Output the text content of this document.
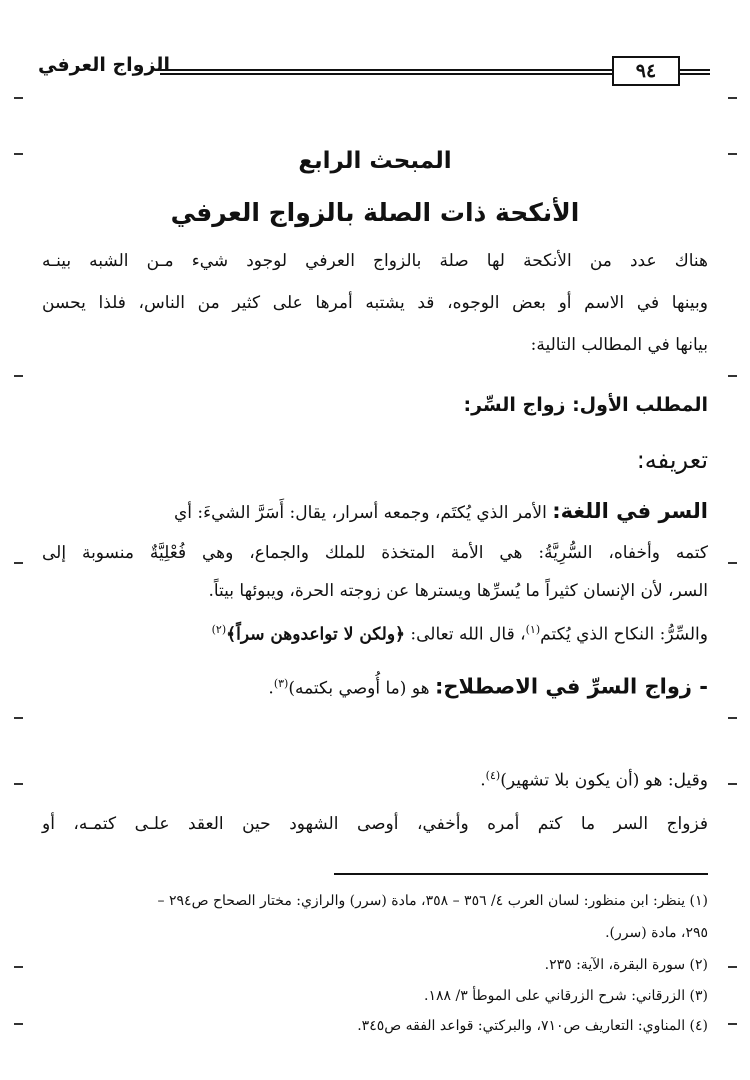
الزواج العرفي	٩٤
المبحث الرابع
الأنكحة ذات الصلة بالزواج العرفي
هناك عدد من الأنكحة لها صلة بالزواج العرفي لوجود شيء مـن الشبه بينـه
وبينها في الاسم أو بعض الوجوه، قد يشتبه أمرها على كثير من الناس، فلذا يحسن
بيانها في المطالب التالية:
المطلب الأول: زواج السِّر:
تعريفه:
السر في اللغة: الأمر الذي يُكتَم، وجمعه أسرار، يقال: أَسَرَّ الشيءَ: أي
كتمه وأخفاه، السُّرِيَّةُ: هي الأمة المتخذة للملك والجماع، وهي فُعْلِيَّةٌ منسوبة إلى
السر، لأن الإنسان كثيراً ما يُسرِّها ويسترها عن زوجته الحرة، ويبوئها بيتاً.
والسِّرُّ: النكاح الذي يُكتم$^{(١)}$، قال الله تعالى: ﴿ولكن لا تواعدوهن سراً﴾$^{(٢)}$
- زواج السرِّ في الاصطلاح: هو (ما أُوصي بكتمه)$^{(٣)}$.
وقيل: هو (أن يكون بلا تشهير)$^{(٤)}$.
فزواج السر ما كتم أمره وأخفي، أوصى الشهود حين العقد علـى كتمـه، أو
(١) ينظر: ابن منظور: لسان العرب ٤/ ٣٥٦ – ٣٥٨، مادة (سرر) والرازي: مختار الصحاح ص٢٩٤ –
٢٩٥، مادة (سرر).
(٢) سورة البقرة، الآية: ٢٣٥.
(٣) الزرقاني: شرح الزرقاني على الموطأ ٣/ ١٨٨.
(٤) المناوي: التعاريف ص٧١٠، والبركتي: قواعد الفقه ص٣٤٥.
